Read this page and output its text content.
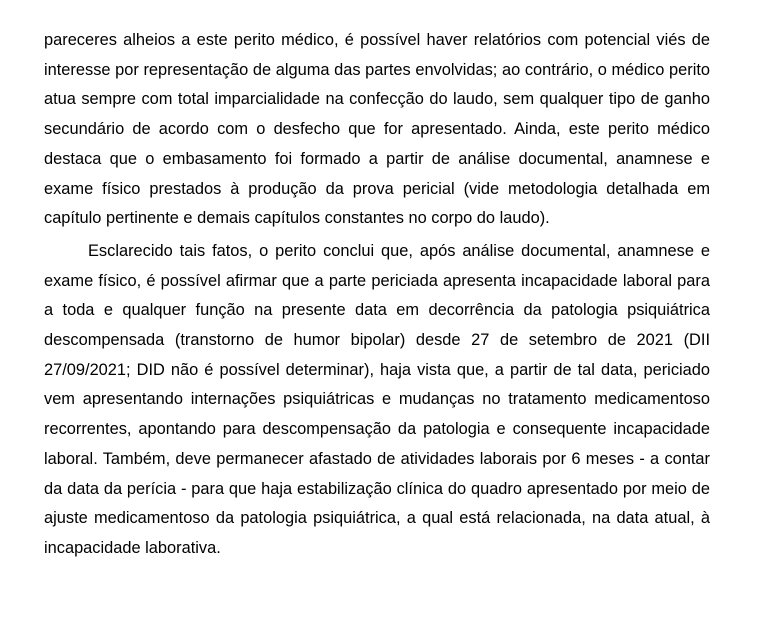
pareceres alheios a este perito médico, é possível haver relatórios com potencial viés de interesse por representação de alguma das partes envolvidas; ao contrário, o médico perito atua sempre com total imparcialidade na confecção do laudo, sem qualquer tipo de ganho secundário de acordo com o desfecho que for apresentado. Ainda, este perito médico destaca que o embasamento foi formado a partir de análise documental, anamnese e exame físico prestados à produção da prova pericial (vide metodologia detalhada em capítulo pertinente e demais capítulos constantes no corpo do laudo).

Esclarecido tais fatos, o perito conclui que, após análise documental, anamnese e exame físico, é possível afirmar que a parte periciada apresenta incapacidade laboral para a toda e qualquer função na presente data em decorrência da patologia psiquiátrica descompensada (transtorno de humor bipolar) desde 27 de setembro de 2021 (DII 27/09/2021; DID não é possível determinar), haja vista que, a partir de tal data, periciado vem apresentando internações psiquiátricas e mudanças no tratamento medicamentoso recorrentes, apontando para descompensação da patologia e consequente incapacidade laboral. Também, deve permanecer afastado de atividades laborais por 6 meses - a contar da data da perícia - para que haja estabilização clínica do quadro apresentado por meio de ajuste medicamentoso da patologia psiquiátrica, a qual está relacionada, na data atual, à incapacidade laborativa.
